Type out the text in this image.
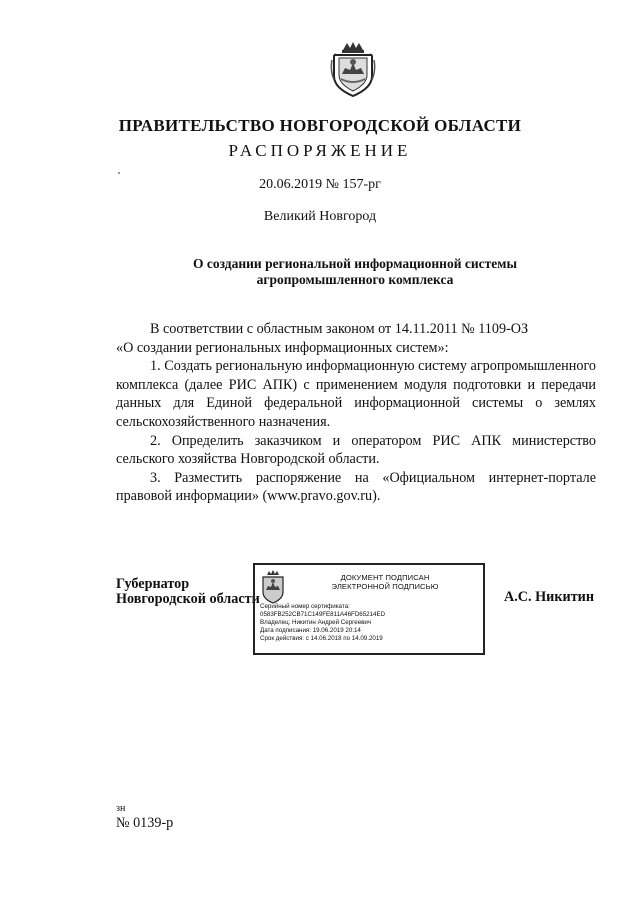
ПРАВИТЕЛЬСТВО НОВГОРОДСКОЙ ОБЛАСТИ
РАСПОРЯЖЕНИЕ
20.06.2019 № 157-рг
Великий Новгород
О создании региональной информационной системы
агропромышленного комплекса

В соответствии с областным законом от 14.11.2011 № 1109-ОЗ

«О создании региональных информационных систем»:

1. Создать региональную информационную систему агропромышленного комплекса (далее РИС АПК) с применением модуля подготовки и передачи данных для Единой федеральной информационной системы о землях сельскохозяйственного назначения.

2. Определить заказчиком и оператором РИС АПК министерство сельского хозяйства Новгородской области.

3. Разместить распоряжение на «Официальном интернет-портале правовой информации» (www.pravo.gov.ru).

Губернатор
Новгородской области
ДОКУМЕНТ ПОДПИСАН
ЭЛЕКТРОННОЙ ПОДПИСЬЮ
Серийный номер сертификата:
0583FB252CB71C149FE811A46FD65214ED
Владелец: Никитин Андрей Сергеевич
Дата подписания: 19.06.2019 20:14
Срок действия: с 14.06.2018 по 14.09.2019
А.С. Никитин
зн
№ 0139-р
